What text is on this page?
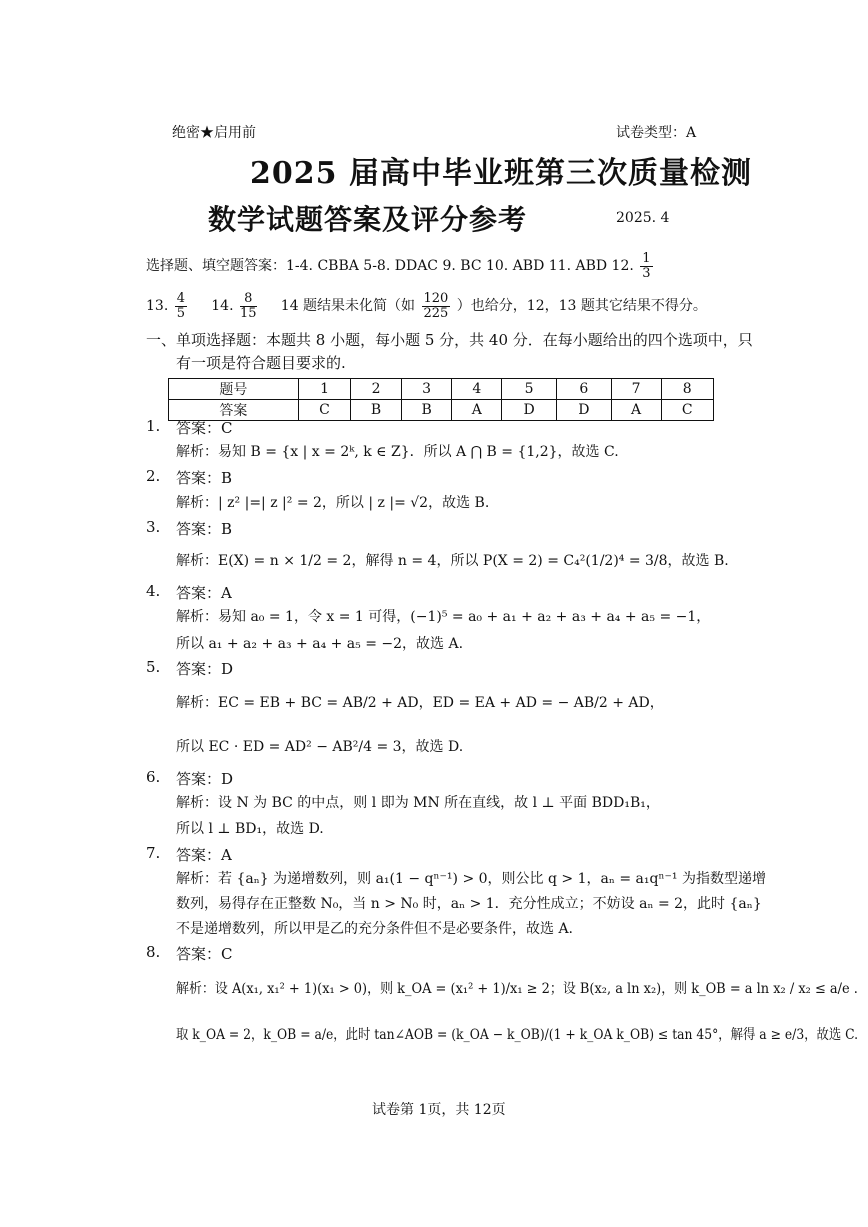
绝密★启用前	试卷类型：A
2025 届高中毕业班第三次质量检测
数学试题答案及评分参考	2025. 4
选择题、填空题答案：1-4. CBBA 5-8. DDAC 9. BC 10. ABD 11. ABD 12. $\frac{1}{3}$
13. $\frac{4}{5} 14$. $\frac{8}{15} 14$ 题结果未化简（如 $\frac{120}{225}$ ）也给分，12，13 题其它结果不得分。
一、单项选择题：本题共 8 小题，每小题 5 分，共 40 分．在每小题给出的四个选项中，只
有一项是符合题目要求的.
题号	1	2	3	4	5	6	7	8
答案	C	B	B	A	D	D	A	C
1. 答案：C
解析：易知 B = {x | x = 2ᵏ, k ∈ Z}．所以 A ⋂ B = {1,2}，故选 C.
2. 答案：B
解析：| z² |=| z |² = 2，所以 | z |= √2，故选 B.
3. 答案：B
解析：E(X) = n × 1/2 = 2，解得 n = 4，所以 P(X = 2) = C₄²(1/2)⁴ = 3/8，故选 B.
4. 答案：A
解析：易知 a₀ = 1，令 x = 1 可得，(−1)⁵ = a₀ + a₁ + a₂ + a₃ + a₄ + a₅ = −1，
所以 a₁ + a₂ + a₃ + a₄ + a₅ = −2，故选 A.
5. 答案：D
解析：EC = EB + BC = AB/2 + AD，ED = EA + AD = − AB/2 + AD，
所以 EC · ED = AD² − AB²/4 = 3，故选 D.
6. 答案：D
解析：设 N 为 BC 的中点，则 l 即为 MN 所在直线，故 l ⊥ 平面 BDD₁B₁，
所以 l ⊥ BD₁，故选 D.
7. 答案：A
解析：若 {aₙ} 为递增数列，则 a₁(1 − qⁿ⁻¹) > 0，则公比 q > 1，aₙ = a₁qⁿ⁻¹ 为指数型递增
数列，易得存在正整数 N₀，当 n > N₀ 时，aₙ > 1．充分性成立；不妨设 aₙ = 2，此时 {aₙ}
不是递增数列，所以甲是乙的充分条件但不是必要条件，故选 A.
8. 答案：C
解析：设 A(x₁, x₁² + 1)(x₁ > 0)，则 k_OA = (x₁² + 1)/x₁ ≥ 2；设 B(x₂, a ln x₂)，则 k_OB = a ln x₂ / x₂ ≤ a/e .
取 k_OA = 2，k_OB = a/e，此时 tan∠AOB = (k_OA − k_OB)/(1 + k_OA k_OB) ≤ tan 45°，解得 a ≥ e/3，故选 C.
试卷第 1页，共 12页
